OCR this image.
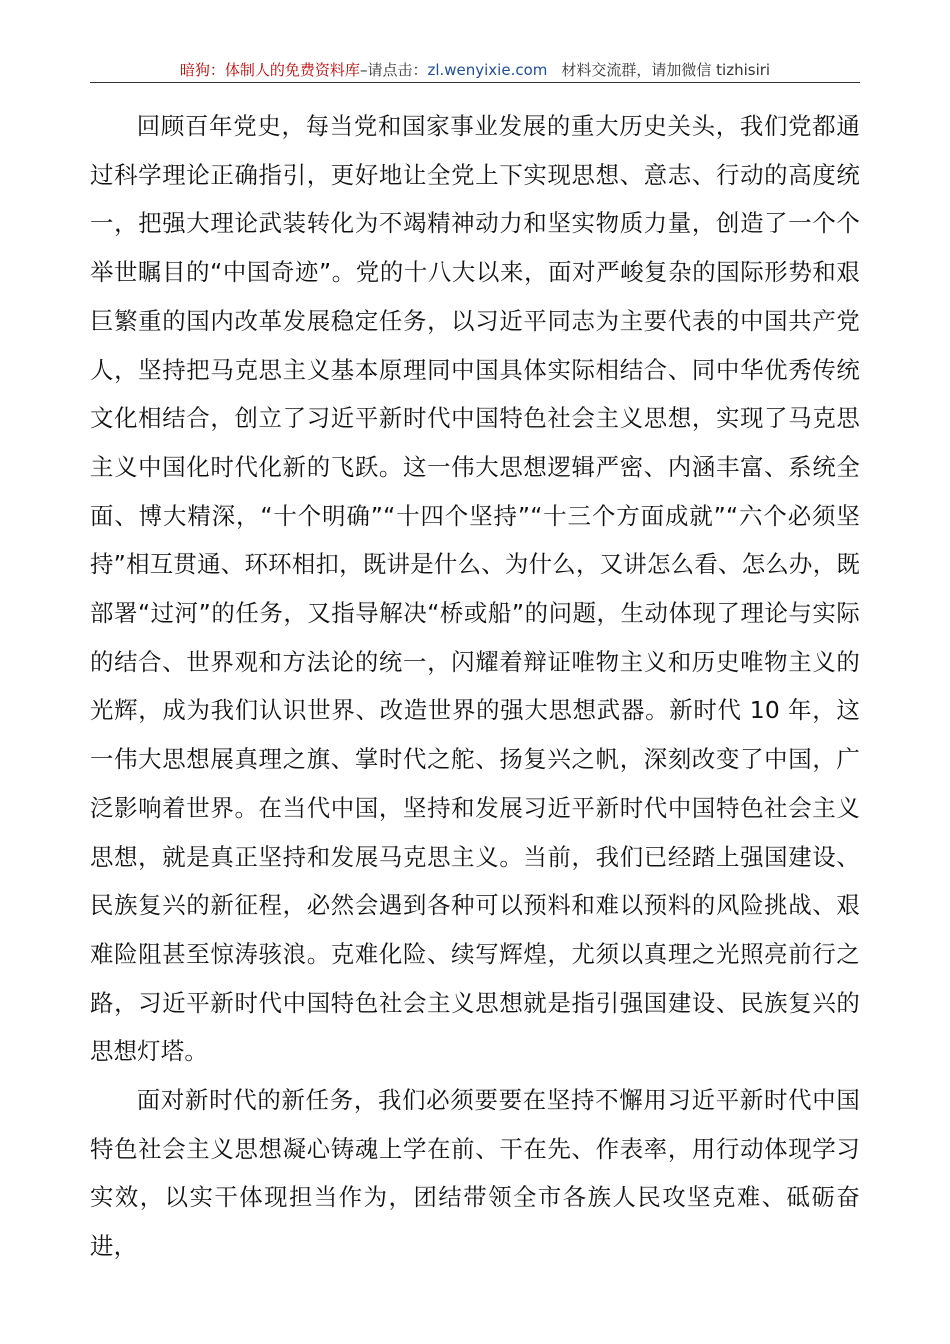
暗狗：体制人的免费资料库–请点击：zl.wenyixie.com 材料交流群，请加微信 tizhisiri

回顾百年党史，每当党和国家事业发展的重大历史关头，我们党都通过科学理论正确指引，更好地让全党上下实现思想、意志、行动的高度统一，把强大理论武装转化为不竭精神动力和坚实物质力量，创造了一个个举世瞩目的“中国奇迹”。党的十八大以来，面对严峻复杂的国际形势和艰巨繁重的国内改革发展稳定任务，以习近平同志为主要代表的中国共产党人，坚持把马克思主义基本原理同中国具体实际相结合、同中华优秀传统文化相结合，创立了习近平新时代中国特色社会主义思想，实现了马克思主义中国化时代化新的飞跃。这一伟大思想逻辑严密、内涵丰富、系统全面、博大精深，“十个明确”“十四个坚持”“十三个方面成就”“六个必须坚持”相互贯通、环环相扣，既讲是什么、为什么，又讲怎么看、怎么办，既部署“过河”的任务，又指导解决“桥或船”的问题，生动体现了理论与实际的结合、世界观和方法论的统一，闪耀着辩证唯物主义和历史唯物主义的光辉，成为我们认识世界、改造世界的强大思想武器。新时代 10 年，这一伟大思想展真理之旗、掌时代之舵、扬复兴之帆，深刻改变了中国，广泛影响着世界。在当代中国，坚持和发展习近平新时代中国特色社会主义思想，就是真正坚持和发展马克思主义。当前，我们已经踏上强国建设、民族复兴的新征程，必然会遇到各种可以预料和难以预料的风险挑战、艰难险阻甚至惊涛骇浪。克难化险、续写辉煌，尤须以真理之光照亮前行之路，习近平新时代中国特色社会主义思想就是指引强国建设、民族复兴的思想灯塔。

面对新时代的新任务，我们必须要要在坚持不懈用习近平新时代中国特色社会主义思想凝心铸魂上学在前、干在先、作表率，用行动体现学习实效，以实干体现担当作为，团结带领全市各族人民攻坚克难、砥砺奋进，
